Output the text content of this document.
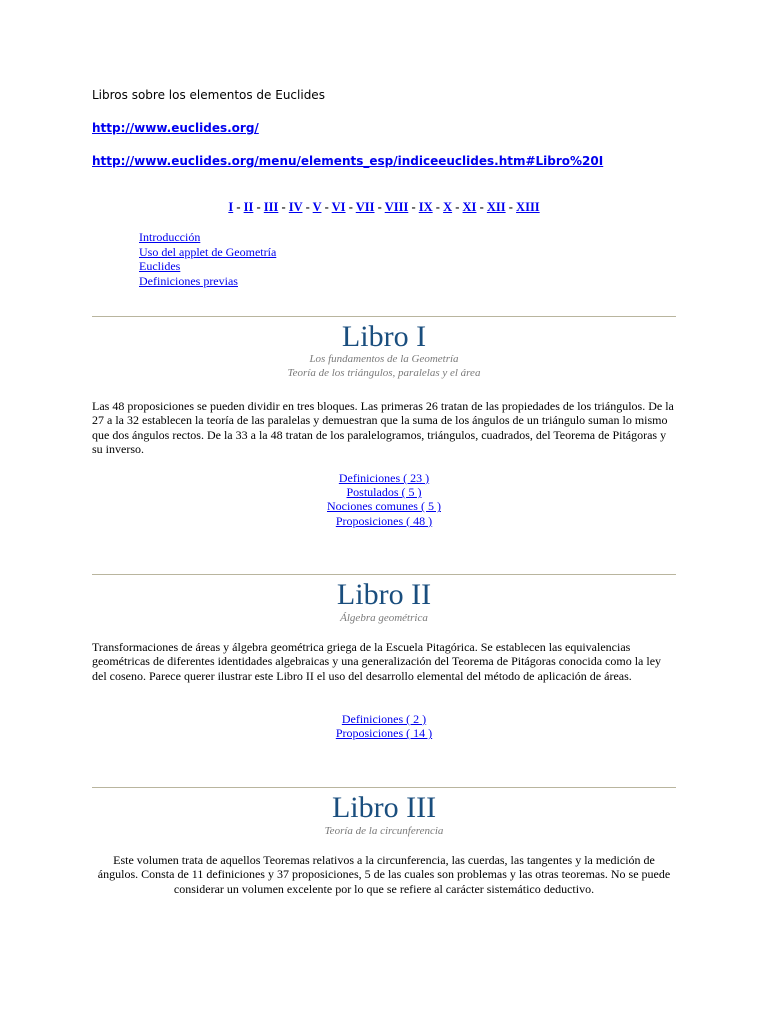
Libros sobre los elementos de Euclides
http://www.euclides.org/
http://www.euclides.org/menu/elements_esp/indiceeuclides.htm#Libro%20I
I - II - III - IV - V - VI - VII - VIII - IX - X - XI - XII - XIII
Introducción
Uso del applet de Geometría
Euclides
Definiciones previas
Libro I
Los fundamentos de la Geometría
Teoría de los triángulos, paralelas y el área
Las 48 proposiciones se pueden dividir en tres bloques. Las primeras 26 tratan de las propiedades de los triángulos. De la 27 a la 32 establecen la teoría de las paralelas y demuestran que la suma de los ángulos de un triángulo suman lo mismo que dos ángulos rectos. De la 33 a la 48 tratan de los paralelogramos, triángulos, cuadrados, del Teorema de Pitágoras y su inverso.
Definiciones ( 23 )
Postulados ( 5 )
Nociones comunes ( 5 )
Proposiciones ( 48 )
Libro II
Álgebra geométrica
Transformaciones de áreas y álgebra geométrica griega de la Escuela Pitagórica. Se establecen las equivalencias geométricas de diferentes identidades algebraicas y una generalización del Teorema de Pitágoras conocida como la ley del coseno. Parece querer ilustrar este Libro II el uso del desarrollo elemental del método de aplicación de áreas.
Definiciones ( 2 )
Proposiciones ( 14 )
Libro III
Teoría de la circunferencia
Este volumen trata de aquellos Teoremas relativos a la circunferencia, las cuerdas, las tangentes y la medición de ángulos. Consta de 11 definiciones y 37 proposiciones, 5 de las cuales son problemas y las otras teoremas. No se puede considerar un volumen excelente por lo que se refiere al carácter sistemático deductivo.
